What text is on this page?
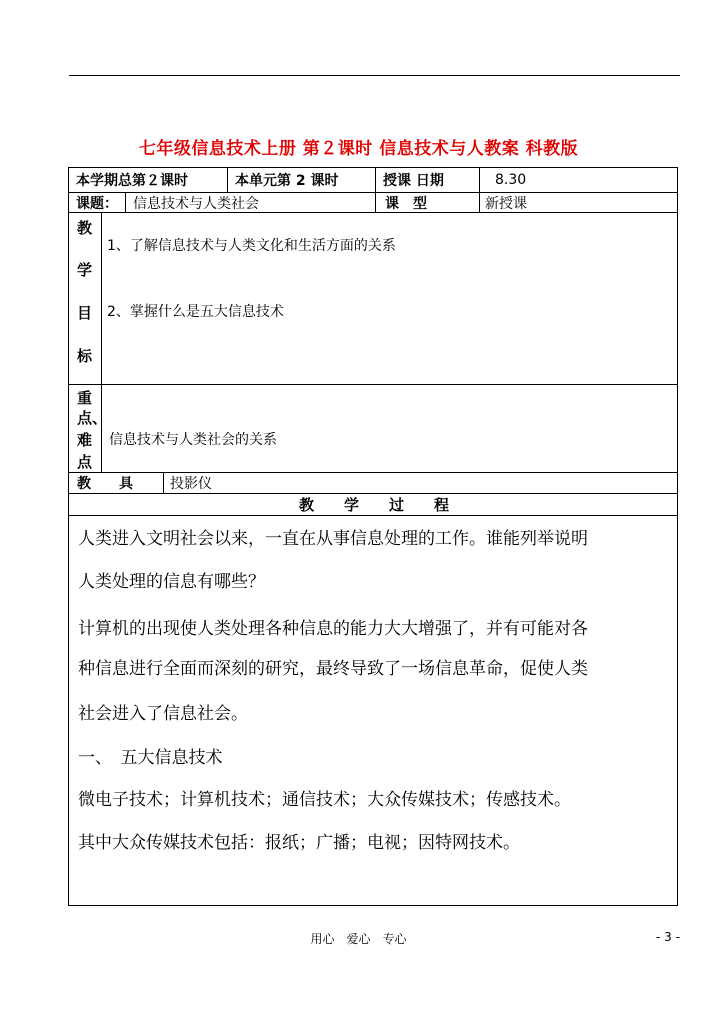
七年级信息技术上册 第２课时 信息技术与人教案 科教版
本学期总第２课时	本单元第 2 课时	授课 日期	8.30
课题：	信息技术与人类社会	课　型	新授课
教
学
目
标
1、了解信息技术与人类文化和生活方面的关系
2、掌握什么是五大信息技术
重
点、
难
点
信息技术与人类社会的关系
教　　具	投影仪
教　　学　　过　　程
人类进入文明社会以来，一直在从事信息处理的工作。谁能列举说明
人类处理的信息有哪些？
计算机的出现使人类处理各种信息的能力大大增强了，并有可能对各
种信息进行全面而深刻的研究，最终导致了一场信息革命，促使人类
社会进入了信息社会。
一、　五大信息技术
微电子技术；计算机技术；通信技术；大众传媒技术；传感技术。
其中大众传媒技术包括：报纸；广播；电视；因特网技术。
用心　爱心　专心	- 3 -
